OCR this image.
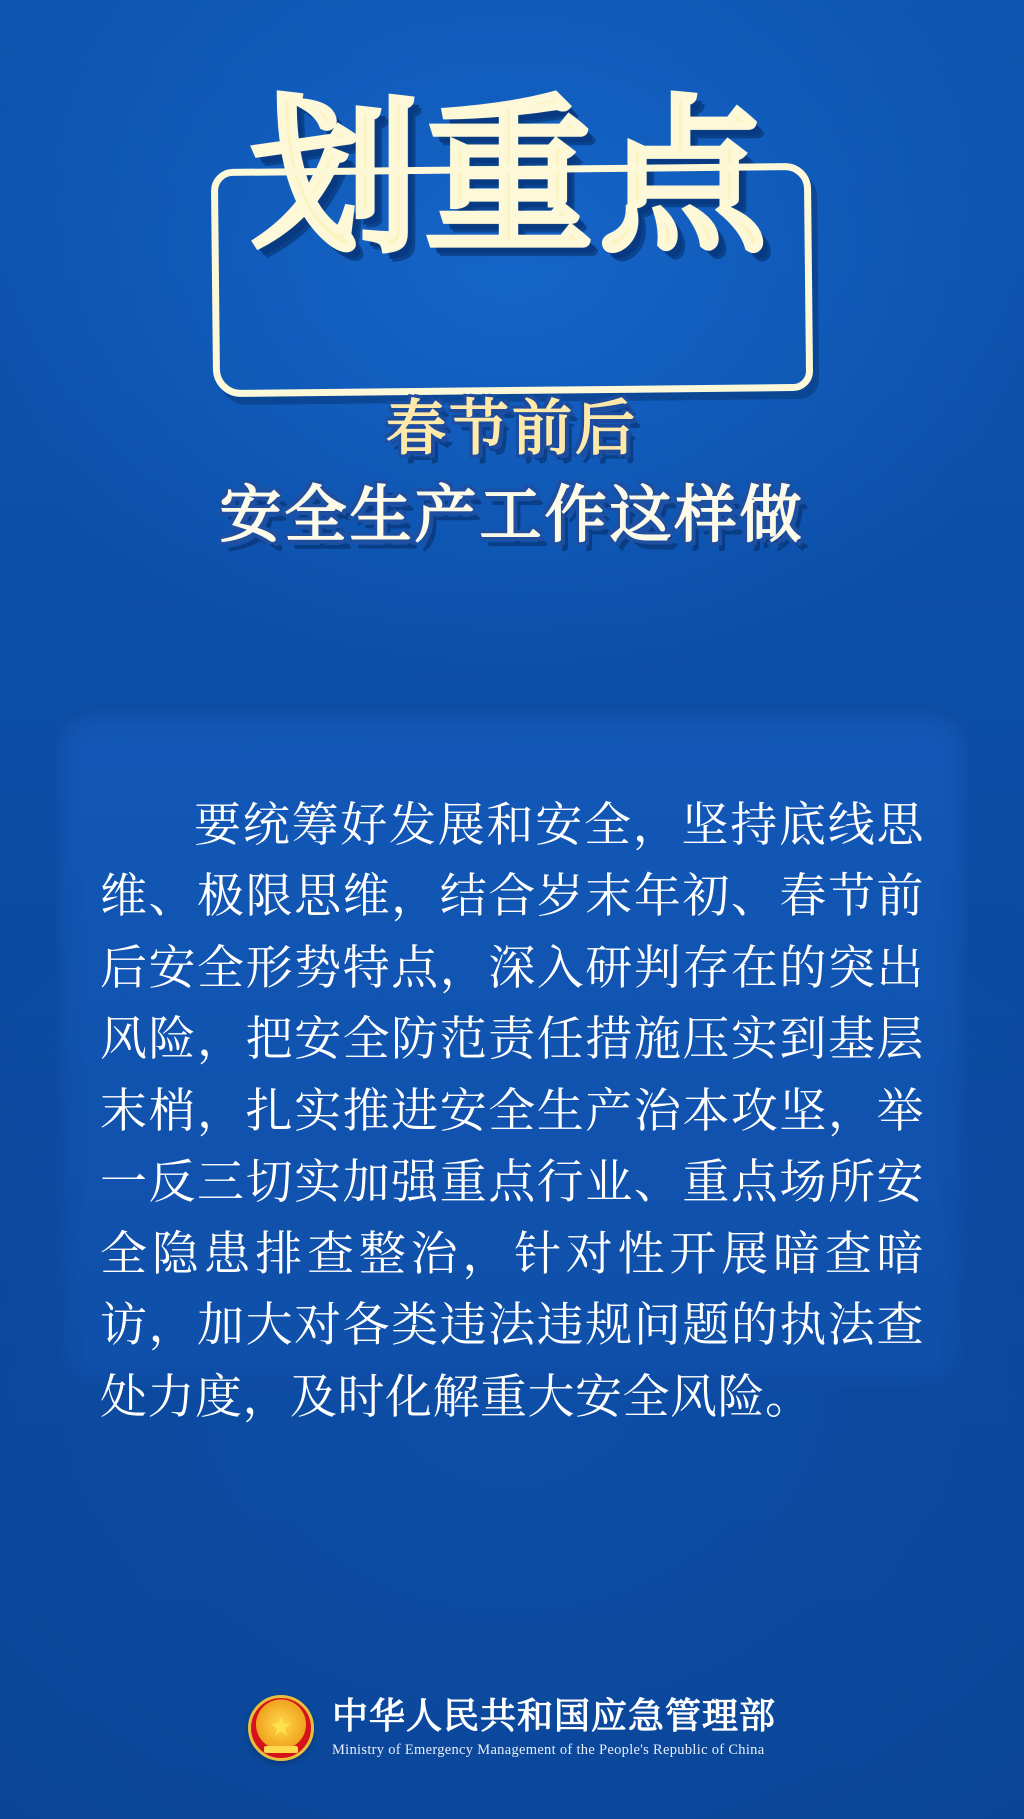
划重点
春节前后
安全生产工作这样做
要统筹好发展和安全，坚持底线思维、极限思维，结合岁末年初、春节前后安全形势特点，深入研判存在的突出风险，把安全防范责任措施压实到基层末梢，扎实推进安全生产治本攻坚，举一反三切实加强重点行业、重点场所安全隐患排查整治，针对性开展暗查暗访，加大对各类违法违规问题的执法查处力度，及时化解重大安全风险。
★
中华人民共和国应急管理部
Ministry of Emergency Management of the People's Republic of China
